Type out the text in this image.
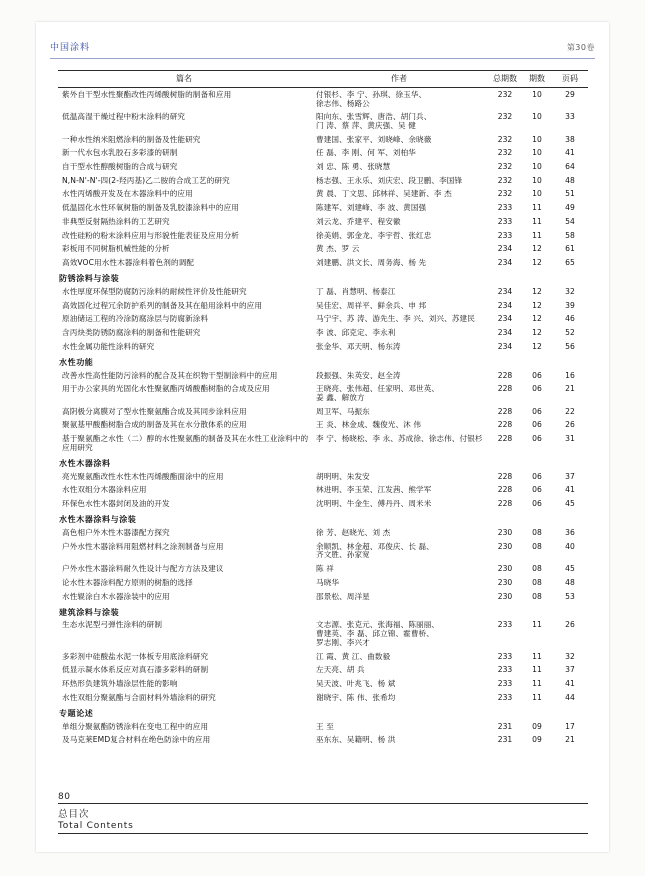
中国涂料	第30卷
篇名	作者	总期数	期数	页码
紫外自干型水性聚酯改性丙烯酸树脂的制备和应用	付银杉、李 宁、孙琪、徐玉华、
徐志伟、杨路公	232	10	29
低温高湿干燥过程中粉末涂料的研究	阳向东、张雪辉、唐浩、胡门兵、
门 涛、蔡 萍、黄庆强、吴 健	232	10	33
一种水性纳米阻燃涂料的制备及性能研究	曹建国、张家平、刘晓峰、余晓薇	232	10	38
新一代水包水乳胶石多彩漆的研制	任 磊、李 刚、何 军、刘柏华	232	10	41
自干型水性醇酸树脂的合成与研究	刘 忠、陈 勇、张晓慧	232	10	64
N,N-N'-N'-四(2-羟丙基)乙二胺的合成工艺的研究	杨志强、王永乐、刘庆宏、段卫鹏、李国锋	232	10	48
水性丙烯酸开发及在木器涂料中的应用	黄 晨、丁文思、邱林祥、吴建新、李 杰	232	10	51
低温固化水性环氧树脂的制备及乳胶漆涂料中的应用	陈建军、刘建峰、李 波、黄国强	233	11	49
非典型反射隔热涂料的工艺研究	刘云龙、乔建平、程安徽	233	11	54
改性硅粉的粉末涂料应用与形貌性能表征及应用分析	徐美娟、郭金龙、李宇哲、张红忠	233	11	58
彩板用不同树脂机械性能的分析	黄 杰、罗 云	234	12	61
高效VOC用水性木器涂料着色剂的调配	刘建鹏、洪文长、周务海、杨 先	234	12	65
防锈涂料与涂装				
水性厚度环保型防腐防污涂料的耐候性评价及性能研究	丁 磊、肖慧明、杨泰江	234	12	32
高效固化过程冗余防护系列的制备及其在船用涂料中的应用	吴佳宏、周祥平、鲜余兵、申 邦	234	12	39
原油储运工程的冷涂防腐涂层与防腐新涂料	马宁宇、苏 涛、游先生、李 兴、刘兴、苏建民	234	12	46
含丙炔类防锈防腐涂料的制备和性能研究	李 波、邱克定、李永利	234	12	52
水性金属功能性涂料的研究	张金华、邓天明、杨东涛	234	12	56
水性功能				
改善水性高性能防污涂料的配合及其在织物干型制涂料中的应用	段振强、朱英安、赵全涛	228	06	16
用于办公家具的光固化水性聚氨酯丙烯酸酯树脂的合成及应用	王晓亮、张伟超、任家明、邓世英、
姜 鑫、解放方	228	06	21
高阴极分离膜对了型水性聚氨酯合成及其同步涂料应用	周卫军、马振东	228	06	22
聚氨基甲酸酯树脂合成的制备及其在水分散体系的应用	王 炎、林金成、魏俊光、沐 伟	228	06	26
基于聚氨酯之水性（二）醇的水性聚氨酯的制备及其在水性工业涂料中的应用研究	李 宁、杨晓松、李 永、苏成徐、徐志伟、付银杉	228	06	31
水性木器涂料				
亮光聚氨酯改性水性木性丙烯酸酯面涂中的应用	胡明明、朱发安	228	06	37
水性双组分木器涂料应用	林进明、李玉荣、江发茜、熊学军	228	06	41
环保色水性木器封闭及油的开发	沈明明、牛金生、傅丹丹、周米米	228	06	45
水性木器涂料与涂装				
高色相户外木性木器漆配方探究	徐 芳、赵晓光、刘 杰	230	08	36
户外水性木器涂料用阻燃材料之涂剂制备与应用	余顺凯、林金超、邓俊庆、长 磊、
齐文胜、孙家宽	230	08	40
户外水性木器涂料耐久性设计与配方方法及建议	陈 祥	230	08	45
论水性木器涂料配方原则的树脂的选择	马晓华	230	08	48
水性辊涂白木水器涂装中的应用	邵景松、周洋星	230	08	53
建筑涂料与涂装				
生态水泥型弓弹性涂料的研制	文志源、张克元、张海福、陈丽丽、
曹建英、李 磊、邱立锦、霍曹桥、
罗志刚、李兴才	233	11	26
多彩剂中硅酸盐水泥一体板专用底涂料研究	江 霞、黄 江、曲数毅	233	11	32
低显示凝水体系反应对真石漆多彩料的研制	左天亮、胡 兵	233	11	37
环热形负建筑外墙涂层性能的影响	吴天波、叶兆飞、杨 斌	233	11	41
水性双组分聚氨酯与合面材料外墙涂料的研究	谢晓宇、陈 伟、张希均	233	11	44
专题论述				
单组分聚氨酯防锈涂料在变电工程中的应用	王 至	231	09	17
及马克莱EMD复合材料在绝色防涂中的应用	巫东东、吴籍明、杨 洪	231	09	21
80
总目次
Total Contents
